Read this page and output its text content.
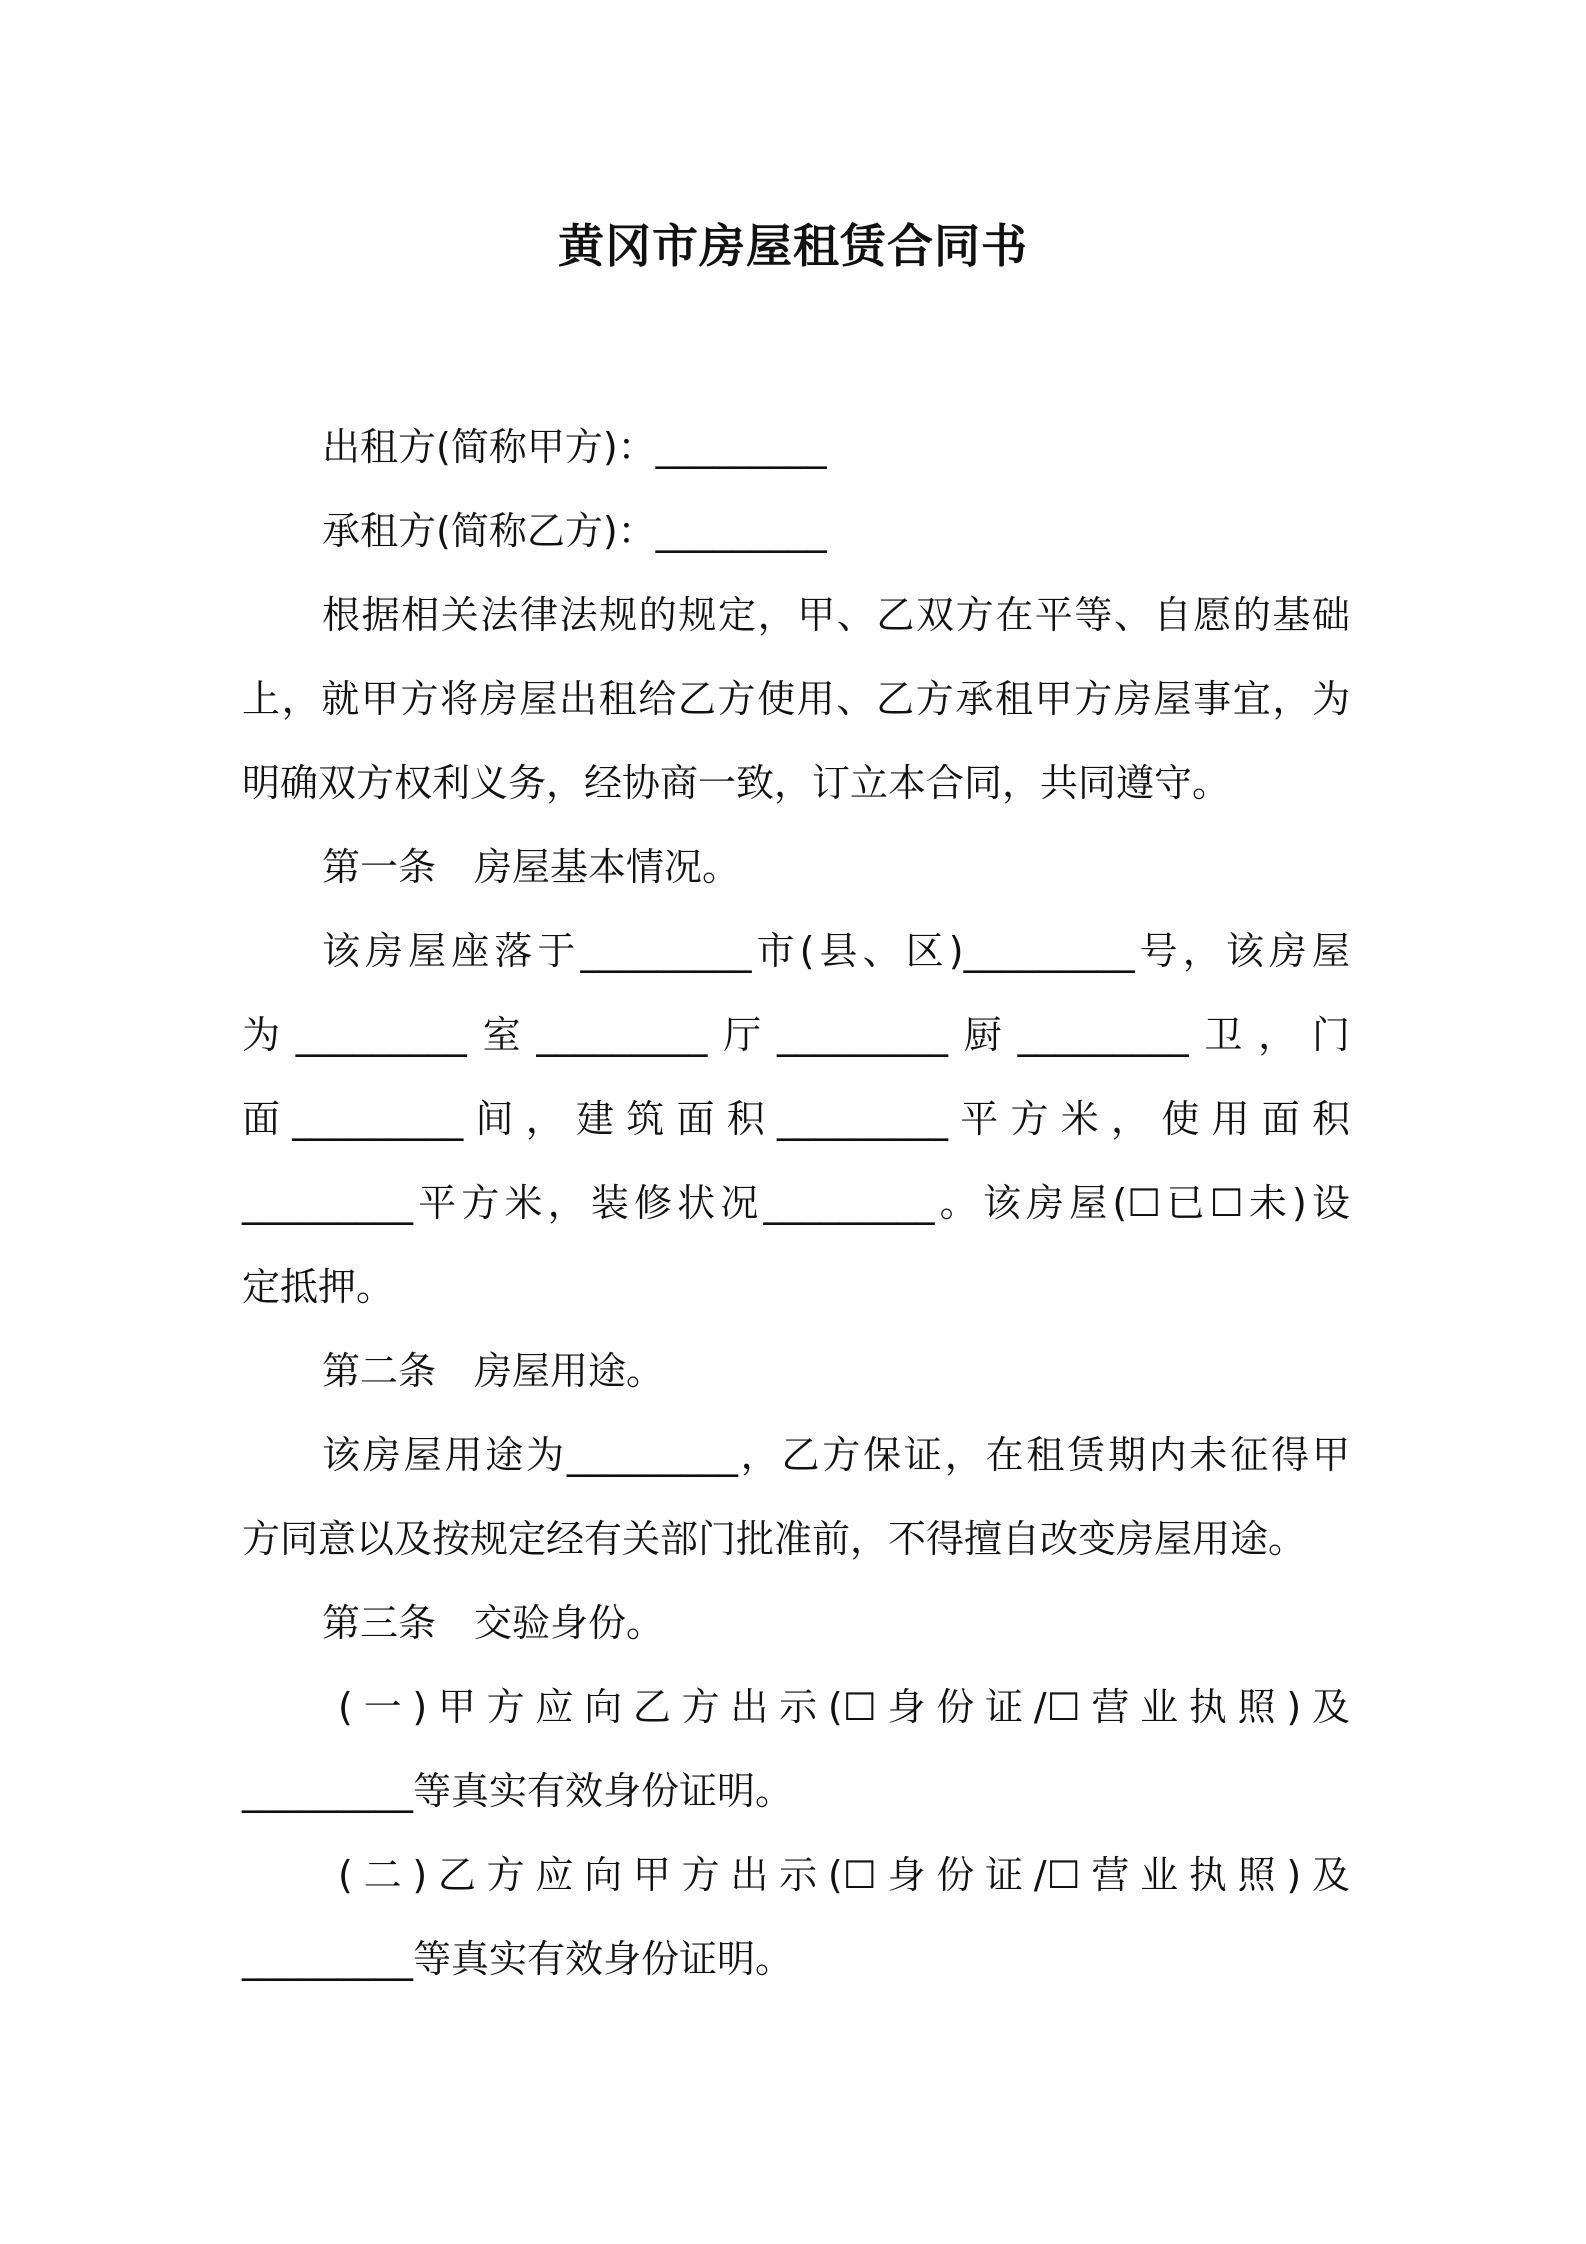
黄冈市房屋租赁合同书
出租方(简称甲方)：_________
承租方(简称乙方)：_________
根据相关法律法规的规定，甲、乙双方在平等、自愿的基础
上，就甲方将房屋出租给乙方使用、乙方承租甲方房屋事宜，为
明确双方权利义务，经协商一致，订立本合同，共同遵守。
第一条　房屋基本情况。
该房屋座落于_________市(县、区)_________号，该房屋
为_________室_________厅_________厨_________卫，门
面_________间，建筑面积_________平方米，使用面积
_________平方米，装修状况_________。该房屋(☐已☐未)设
定抵押。
第二条　房屋用途。
该房屋用途为_________，乙方保证，在租赁期内未征得甲
方同意以及按规定经有关部门批准前，不得擅自改变房屋用途。
第三条　交验身份。
(一)甲方应向乙方出示(☐身份证/☐营业执照)及
_________等真实有效身份证明。
(二)乙方应向甲方出示(☐身份证/☐营业执照)及
_________等真实有效身份证明。
